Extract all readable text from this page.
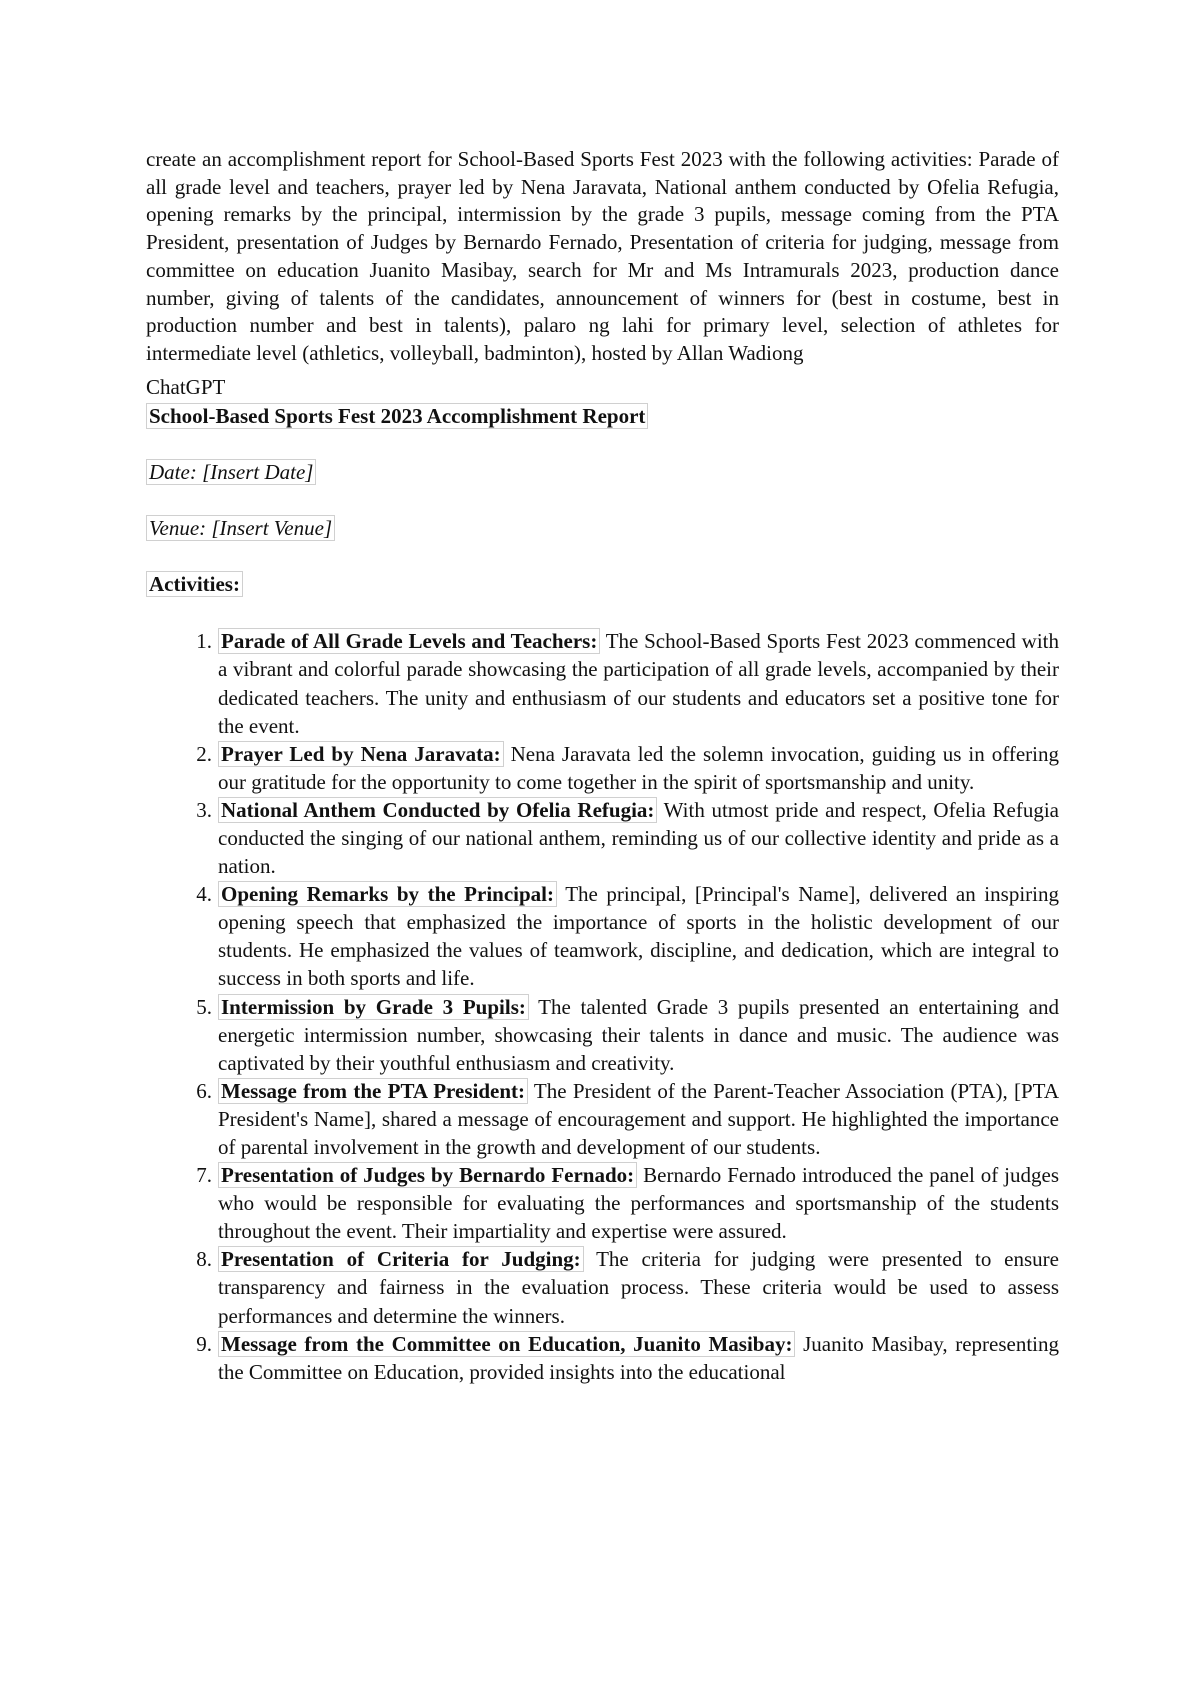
create an accomplishment report for School-Based Sports Fest 2023 with the following activities: Parade of all grade level and teachers, prayer led by Nena Jaravata, National anthem conducted by Ofelia Refugia, opening remarks by the principal, intermission by the grade 3 pupils, message coming from the PTA President, presentation of Judges by Bernardo Fernado, Presentation of criteria for judging, message from committee on education Juanito Masibay, search for Mr and Ms Intramurals 2023, production dance number, giving of talents of the candidates, announcement of winners for (best in costume, best in production number and best in talents), palaro ng lahi for primary level, selection of athletes for intermediate level (athletics, volleyball, badminton), hosted by Allan Wadiong

ChatGPT

School-Based Sports Fest 2023 Accomplishment Report

Date: [Insert Date]

Venue: [Insert Venue]

Activities:

1. Parade of All Grade Levels and Teachers: The School-Based Sports Fest 2023 commenced with a vibrant and colorful parade showcasing the participation of all grade levels, accompanied by their dedicated teachers. The unity and enthusiasm of our students and educators set a positive tone for the event.
2. Prayer Led by Nena Jaravata: Nena Jaravata led the solemn invocation, guiding us in offering our gratitude for the opportunity to come together in the spirit of sportsmanship and unity.
3. National Anthem Conducted by Ofelia Refugia: With utmost pride and respect, Ofelia Refugia conducted the singing of our national anthem, reminding us of our collective identity and pride as a nation.
4. Opening Remarks by the Principal: The principal, [Principal's Name], delivered an inspiring opening speech that emphasized the importance of sports in the holistic development of our students. He emphasized the values of teamwork, discipline, and dedication, which are integral to success in both sports and life.
5. Intermission by Grade 3 Pupils: The talented Grade 3 pupils presented an entertaining and energetic intermission number, showcasing their talents in dance and music. The audience was captivated by their youthful enthusiasm and creativity.
6. Message from the PTA President: The President of the Parent-Teacher Association (PTA), [PTA President's Name], shared a message of encouragement and support. He highlighted the importance of parental involvement in the growth and development of our students.
7. Presentation of Judges by Bernardo Fernado: Bernardo Fernado introduced the panel of judges who would be responsible for evaluating the performances and sportsmanship of the students throughout the event. Their impartiality and expertise were assured.
8. Presentation of Criteria for Judging: The criteria for judging were presented to ensure transparency and fairness in the evaluation process. These criteria would be used to assess performances and determine the winners.
9. Message from the Committee on Education, Juanito Masibay: Juanito Masibay, representing the Committee on Education, provided insights into the educational
